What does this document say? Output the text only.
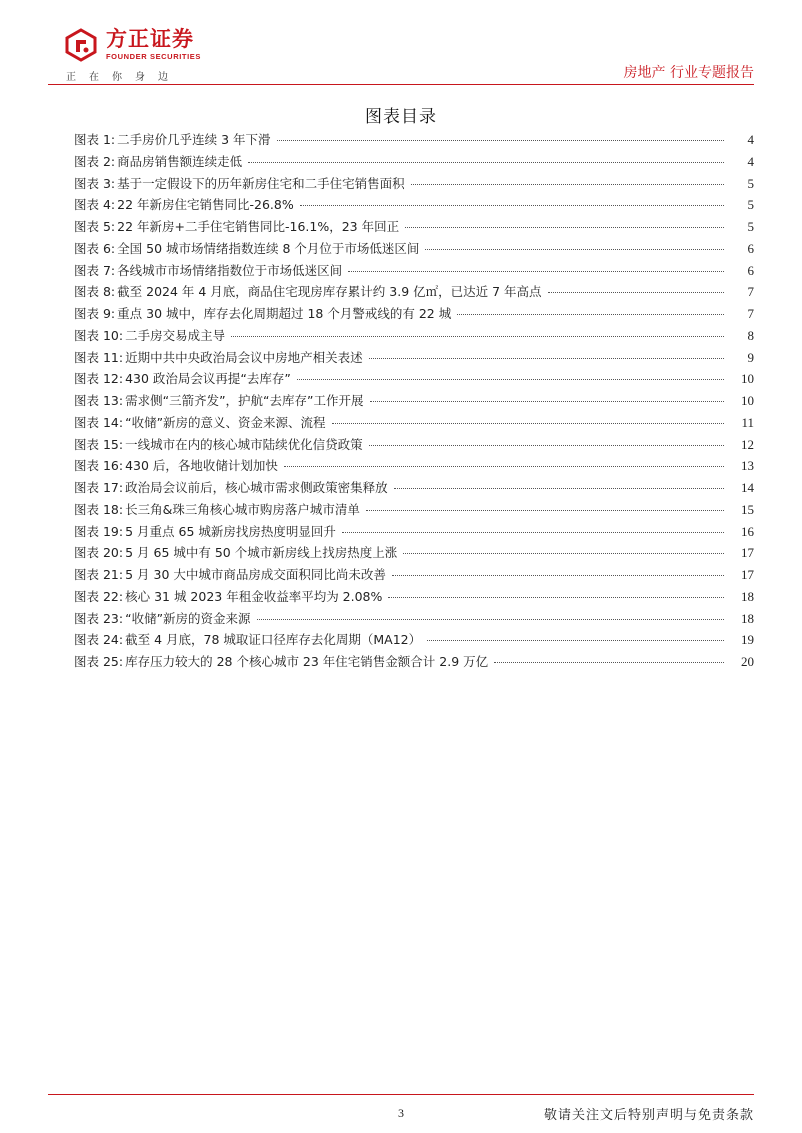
方正证券
FOUNDER SECURITIES
正在你身边	房地产 行业专题报告
图表目录
图表 1: 二手房价几乎连续 3 年下滑	4
图表 2: 商品房销售额连续走低	4
图表 3: 基于一定假设下的历年新房住宅和二手住宅销售面积	5
图表 4: 22 年新房住宅销售同比-26.8%	5
图表 5: 22 年新房+二手住宅销售同比-16.1%，23 年回正	5
图表 6: 全国 50 城市场情绪指数连续 8 个月位于市场低迷区间	6
图表 7: 各线城市市场情绪指数位于市场低迷区间	6
图表 8: 截至 2024 年 4 月底，商品住宅现房库存累计约 3.9 亿㎡，已达近 7 年高点	7
图表 9: 重点 30 城中，库存去化周期超过 18 个月警戒线的有 22 城	7
图表 10: 二手房交易成主导	8
图表 11: 近期中共中央政治局会议中房地产相关表述	9
图表 12: 430 政治局会议再提“去库存”	10
图表 13: 需求侧“三箭齐发”，护航“去库存”工作开展	10
图表 14: “收储”新房的意义、资金来源、流程	11
图表 15: 一线城市在内的核心城市陆续优化信贷政策	12
图表 16: 430 后，各地收储计划加快	13
图表 17: 政治局会议前后，核心城市需求侧政策密集释放	14
图表 18: 长三角&珠三角核心城市购房落户城市清单	15
图表 19: 5 月重点 65 城新房找房热度明显回升	16
图表 20: 5 月 65 城中有 50 个城市新房线上找房热度上涨	17
图表 21: 5 月 30 大中城市商品房成交面积同比尚未改善	17
图表 22: 核心 31 城 2023 年租金收益率平均为 2.08%	18
图表 23: “收储”新房的资金来源	18
图表 24: 截至 4 月底，78 城取证口径库存去化周期（MA12）	19
图表 25: 库存压力较大的 28 个核心城市 23 年住宅销售金额合计 2.9 万亿	20
3	敬请关注文后特别声明与免责条款
